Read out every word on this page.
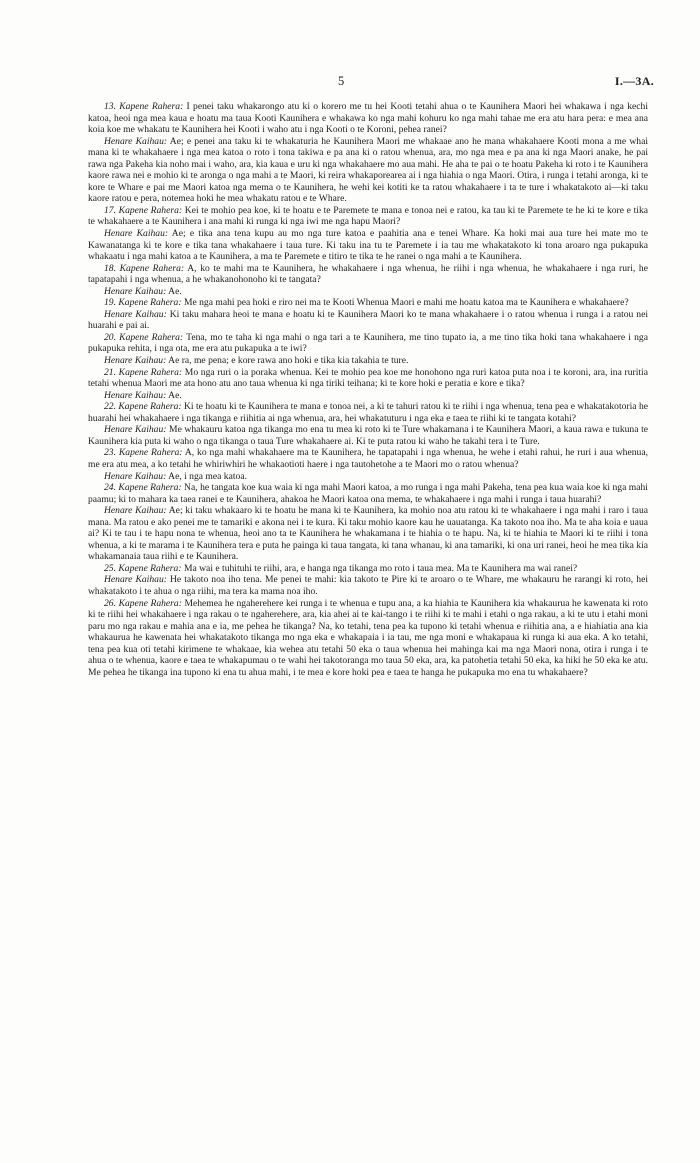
5	I.—3A.

13. Kapene Rahera: I penei taku whakarongo atu ki o korero me tu hei Kooti tetahi ahua o te Kaunihera Maori hei whakawa i nga kechi katoa, heoi nga mea kaua e hoatu ma taua Kooti Kaunihera e whakawa ko nga mahi kohuru ko nga mahi tahae me era atu hara pera: e mea ana koia koe me whakatu te Kaunihera hei Kooti i waho atu i nga Kooti o te Koroni, pehea ranei?

Henare Kaihau: Ae; e penei ana taku ki te whakaturia he Kaunihera Maori me whakaae ano he mana whakahaere Kooti mona a me whai mana ki te whakahaere i nga mea katoa o roto i tona takiwa e pa ana ki o ratou whenua, ara, mo nga mea e pa ana ki nga Maori anake, he pai rawa nga Pakeha kia noho mai i waho, ara, kia kaua e uru ki nga whakahaere mo aua mahi. He aha te pai o te hoatu Pakeha ki roto i te Kaunihera kaore rawa nei e mohio ki te aronga o nga mahi a te Maori, ki reira whakaporearea ai i nga hiahia o nga Maori. Otira, i runga i tetahi aronga, ki te kore te Whare e pai me Maori katoa nga mema o te Kaunihera, he wehi kei kotiti ke ta ratou whakahaere i ta te ture i whakatakoto ai—ki taku kaore ratou e pera, notemea hoki he mea whakatu ratou e te Whare.

17. Kapene Rahera: Kei te mohio pea koe, ki te hoatu e te Paremete te mana e tonoa nei e ratou, ka tau ki te Paremete te he ki te kore e tika te whakahaere a te Kaunihera i ana mahi ki runga ki nga iwi me nga hapu Maori?

Henare Kaihau: Ae; e tika ana tena kupu au mo nga ture katoa e paahitia ana e tenei Whare. Ka hoki mai aua ture hei mate mo te Kawanatanga ki te kore e tika tana whakahaere i taua ture. Ki taku ina tu te Paremete i ia tau me whakatakoto ki tona aroaro nga pukapuka whakaatu i nga mahi katoa a te Kaunihera, a ma te Paremete e titiro te tika te he ranei o nga mahi a te Kaunihera.

18. Kapene Rahera: A, ko te mahi ma te Kaunihera, he whakahaere i nga whenua, he riihi i nga whenua, he whakahaere i nga ruri, he tapatapahi i nga whenua, a he whakanohonoho ki te tangata?

Henare Kaihau: Ae.

19. Kapene Rahera: Me nga mahi pea hoki e riro nei ma te Kooti Whenua Maori e mahi me hoatu katoa ma te Kaunihera e whakahaere?

Henare Kaihau: Ki taku mahara heoi te mana e hoatu ki te Kaunihera Maori ko te mana whakahaere i o ratou whenua i runga i a ratou nei huarahi e pai ai.

20. Kapene Rahera: Tena, mo te taha ki nga mahi o nga tari a te Kaunihera, me tino tupato ia, a me tino tika hoki tana whakahaere i nga pukapuka rehita, i nga ota, me era atu pukapuka a te iwi?

Henare Kaihau: Ae ra, me pena; e kore rawa ano hoki e tika kia takahia te ture.

21. Kapene Rahera: Mo nga ruri o ia poraka whenua. Kei te mohio pea koe me honohono nga ruri katoa puta noa i te koroni, ara, ina ruritia tetahi whenua Maori me ata hono atu ano taua whenua ki nga tiriki teihana; ki te kore hoki e peratia e kore e tika?

Henare Kaihau: Ae.

22. Kapene Rahera: Ki te hoatu ki te Kaunihera te mana e tonoa nei, a ki te tahuri ratou ki te riihi i nga whenua, tena pea e whakatakotoria he huarahi hei whakahaere i nga tikanga e riihitia ai nga whenua, ara, hei whakatuturu i nga eka e taea te riihi ki te tangata kotahi?

Henare Kaihau: Me whakauru katoa nga tikanga mo ena tu mea ki roto ki te Ture whakamana i te Kaunihera Maori, a kaua rawa e tukuna te Kaunihera kia puta ki waho o nga tikanga o taua Ture whakahaere ai. Ki te puta ratou ki waho he takahi tera i te Ture.

23. Kapene Rahera: A, ko nga mahi whakahaere ma te Kaunihera, he tapatapahi i nga whenua, he wehe i etahi rahui, he ruri i aua whenua, me era atu mea, a ko tetahi he whiriwhiri he whakaotioti haere i nga tautohetohe a te Maori mo o ratou whenua?

Henare Kaihau: Ae, i nga mea katoa.

24. Kapene Rahera: Na, he tangata koe kua waia ki nga mahi Maori katoa, a mo runga i nga mahi Pakeha, tena pea kua waia koe ki nga mahi paamu; ki to mahara ka taea ranei e te Kaunihera, ahakoa he Maori katoa ona mema, te whakahaere i nga mahi i runga i taua huarahi?

Henare Kaihau: Ae; ki taku whakaaro ki te hoatu he mana ki te Kaunihera, ka mohio noa atu ratou ki te whakahaere i nga mahi i raro i taua mana. Ma ratou e ako penei me te tamariki e akona nei i te kura. Ki taku mohio kaore kau he uauatanga. Ka takoto noa iho. Ma te aha koia e uaua ai? Ki te tau i te hapu nona te whenua, heoi ano ta te Kaunihera he whakamana i te hiahia o te hapu. Na, ki te hiahia te Maori ki te riihi i tona whenua, a ki te marama i te Kaunihera tera e puta he painga ki taua tangata, ki tana whanau, ki ana tamariki, ki ona uri ranei, heoi he mea tika kia whakamanaia taua riihi e te Kaunihera.

25. Kapene Rahera: Ma wai e tuhituhi te riihi, ara, e hanga nga tikanga mo roto i taua mea. Ma te Kaunihera ma wai ranei?

Henare Kaihau: He takoto noa iho tena. Me penei te mahi: kia takoto te Pire ki te aroaro o te Whare, me whakauru he rarangi ki roto, hei whakatakoto i te ahua o nga riihi, ma tera ka mama noa iho.

26. Kapene Rahera: Mehemea he ngaherehere kei runga i te whenua e tupu ana, a ka hiahia te Kaunihera kia whakaurua he kawenata ki roto ki te riihi hei whakahaere i nga rakau o te ngaherehere, ara, kia ahei ai te kai-tango i te riihi ki te mahi i etahi o nga rakau, a ki te utu i etahi moni paru mo nga rakau e mahia ana e ia, me pehea he tikanga? Na, ko tetahi, tena pea ka tupono ki tetahi whenua e riihitia ana, a e hiahiatia ana kia whakaurua he kawenata hei whakatakoto tikanga mo nga eka e whakapaia i ia tau, me nga moni e whakapaua ki runga ki aua eka. A ko tetahi, tena pea kua oti tetahi kirimene te whakaae, kia wehea atu tetahi 50 eka o taua whenua hei mahinga kai ma nga Maori nona, otira i runga i te ahua o te whenua, kaore e taea te whakapumau o te wahi hei takotoranga mo taua 50 eka, ara, ka patohetia tetahi 50 eka, ka hiki he 50 eka ke atu. Me pehea he tikanga ina tupono ki ena tu ahua mahi, i te mea e kore hoki pea e taea te hanga he pukapuka mo ena tu whakahaere?
